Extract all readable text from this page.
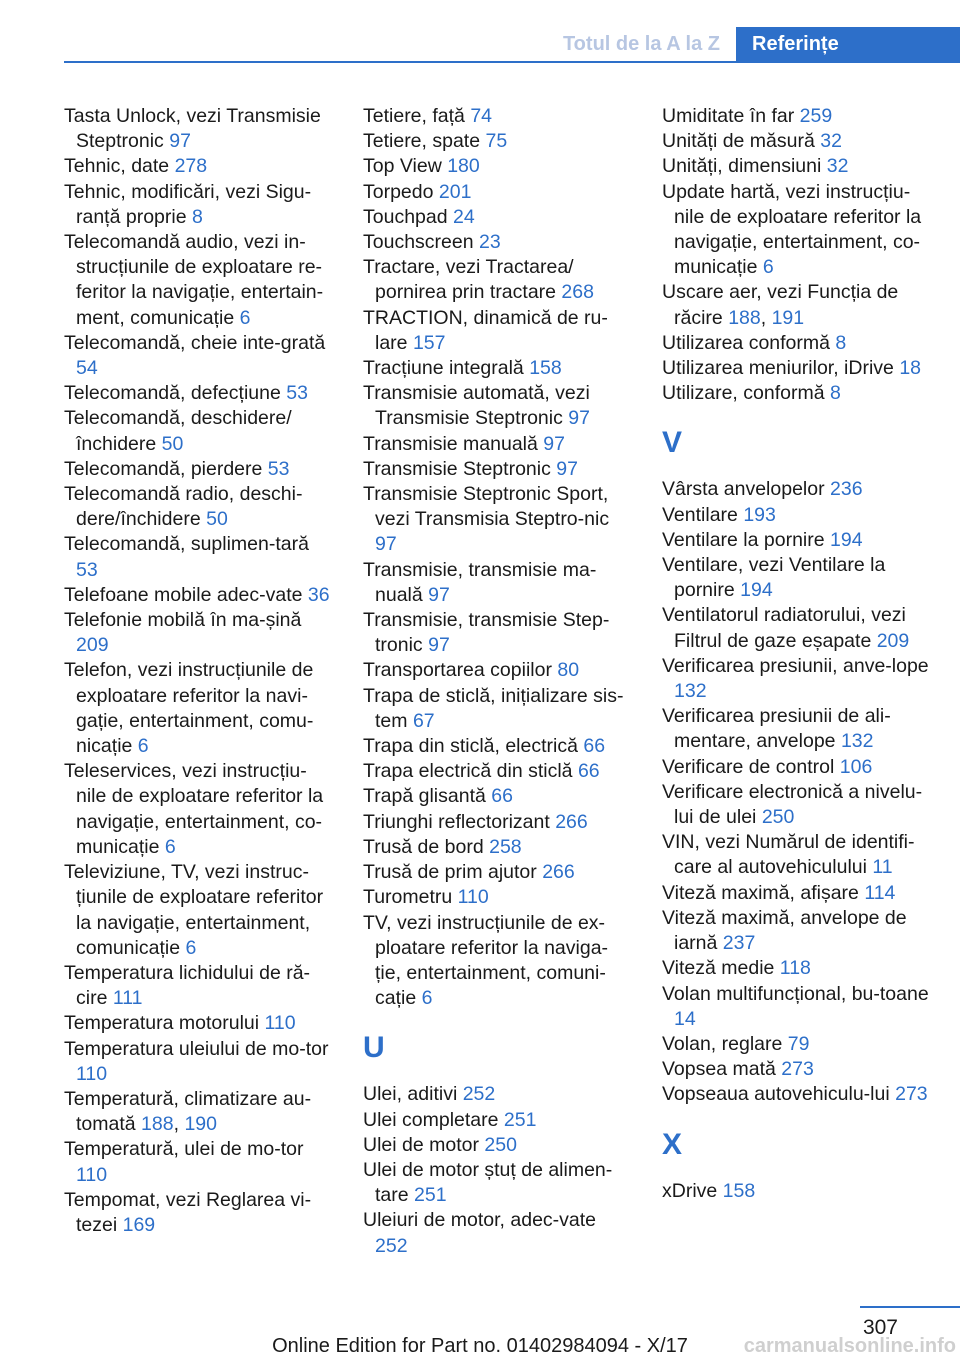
Totul de la A la Z	Referințe

Tasta Unlock, vezi Transmisie Steptronic 97

Tehnic, date 278

Tehnic, modificări, vezi Sigu‐ranță proprie 8

Telecomandă audio, vezi in‐strucțiunile de exploatare re‐feritor la navigație, entertain‐ment, comunicație 6

Telecomandă, cheie inte‐grată 54

Telecomandă, defecțiune 53

Telecomandă, deschidere/ închidere 50

Telecomandă, pierdere 53

Telecomandă radio, deschi‐dere/închidere 50

Telecomandă, suplimen‐tară 53

Telefoane mobile adec‐vate 36

Telefonie mobilă în ma‐șină 209

Telefon, vezi instrucțiunile de exploatare referitor la navi‐gație, entertainment, comu‐nicație 6

Teleservices, vezi instrucțiu‐nile de exploatare referitor la navigație, entertainment, co‐municație 6

Televiziune, TV, vezi instruc‐țiunile de exploatare referitor la navigație, entertainment, comunicație 6

Temperatura lichidului de ră‐cire 111

Temperatura motorului 110

Temperatura uleiului de mo‐tor 110

Temperatură, climatizare au‐tomată 188, 190

Temperatură, ulei de mo‐tor 110

Tempomat, vezi Reglarea vi‐tezei 169

Tetiere, față 74

Tetiere, spate 75

Top View 180

Torpedo 201

Touchpad 24

Touchscreen 23

Tractare, vezi Tractarea/ pornirea prin tractare 268

TRACTION, dinamică de ru‐lare 157

Tracțiune integrală 158

Transmisie automată, vezi Transmisie Steptronic 97

Transmisie manuală 97

Transmisie Steptronic 97

Transmisie Steptronic Sport, vezi Transmisia Steptro‐nic 97

Transmisie, transmisie ma‐nuală 97

Transmisie, transmisie Step‐tronic 97

Transportarea copiilor 80

Trapa de sticlă, inițializare sis‐tem 67

Trapa din sticlă, electrică 66

Trapa electrică din sticlă 66

Trapă glisantă 66

Triunghi reflectorizant 266

Trusă de bord 258

Trusă de prim ajutor 266

Turometru 110

TV, vezi instrucțiunile de ex‐ploatare referitor la naviga‐ție, entertainment, comuni‐cație 6

U

Ulei, aditivi 252

Ulei completare 251

Ulei de motor 250

Ulei de motor ștuț de alimen‐tare 251

Uleiuri de motor, adec‐vate 252

Umiditate în far 259

Unități de măsură 32

Unități, dimensiuni 32

Update hartă, vezi instrucțiu‐nile de exploatare referitor la navigație, entertainment, co‐municație 6

Uscare aer, vezi Funcția de răcire 188, 191

Utilizarea conformă 8

Utilizarea meniurilor, iDrive 18

Utilizare, conformă 8

V

Vârsta anvelopelor 236

Ventilare 193

Ventilare la pornire 194

Ventilare, vezi Ventilare la pornire 194

Ventilatorul radiatorului, vezi Filtrul de gaze eșapate 209

Verificarea presiunii, anve‐lope 132

Verificarea presiunii de ali‐mentare, anvelope 132

Verificare de control 106

Verificare electronică a nivelu‐lui de ulei 250

VIN, vezi Numărul de identifi‐care al autovehiculului 11

Viteză maximă, afișare 114

Viteză maximă, anvelope de iarnă 237

Viteză medie 118

Volan multifuncțional, bu‐toane 14

Volan, reglare 79

Vopsea mată 273

Vopseaua autovehiculu‐lui 273

X

xDrive 158

307
Online Edition for Part no. 01402984094 - X/17	carmanualsonline.info
